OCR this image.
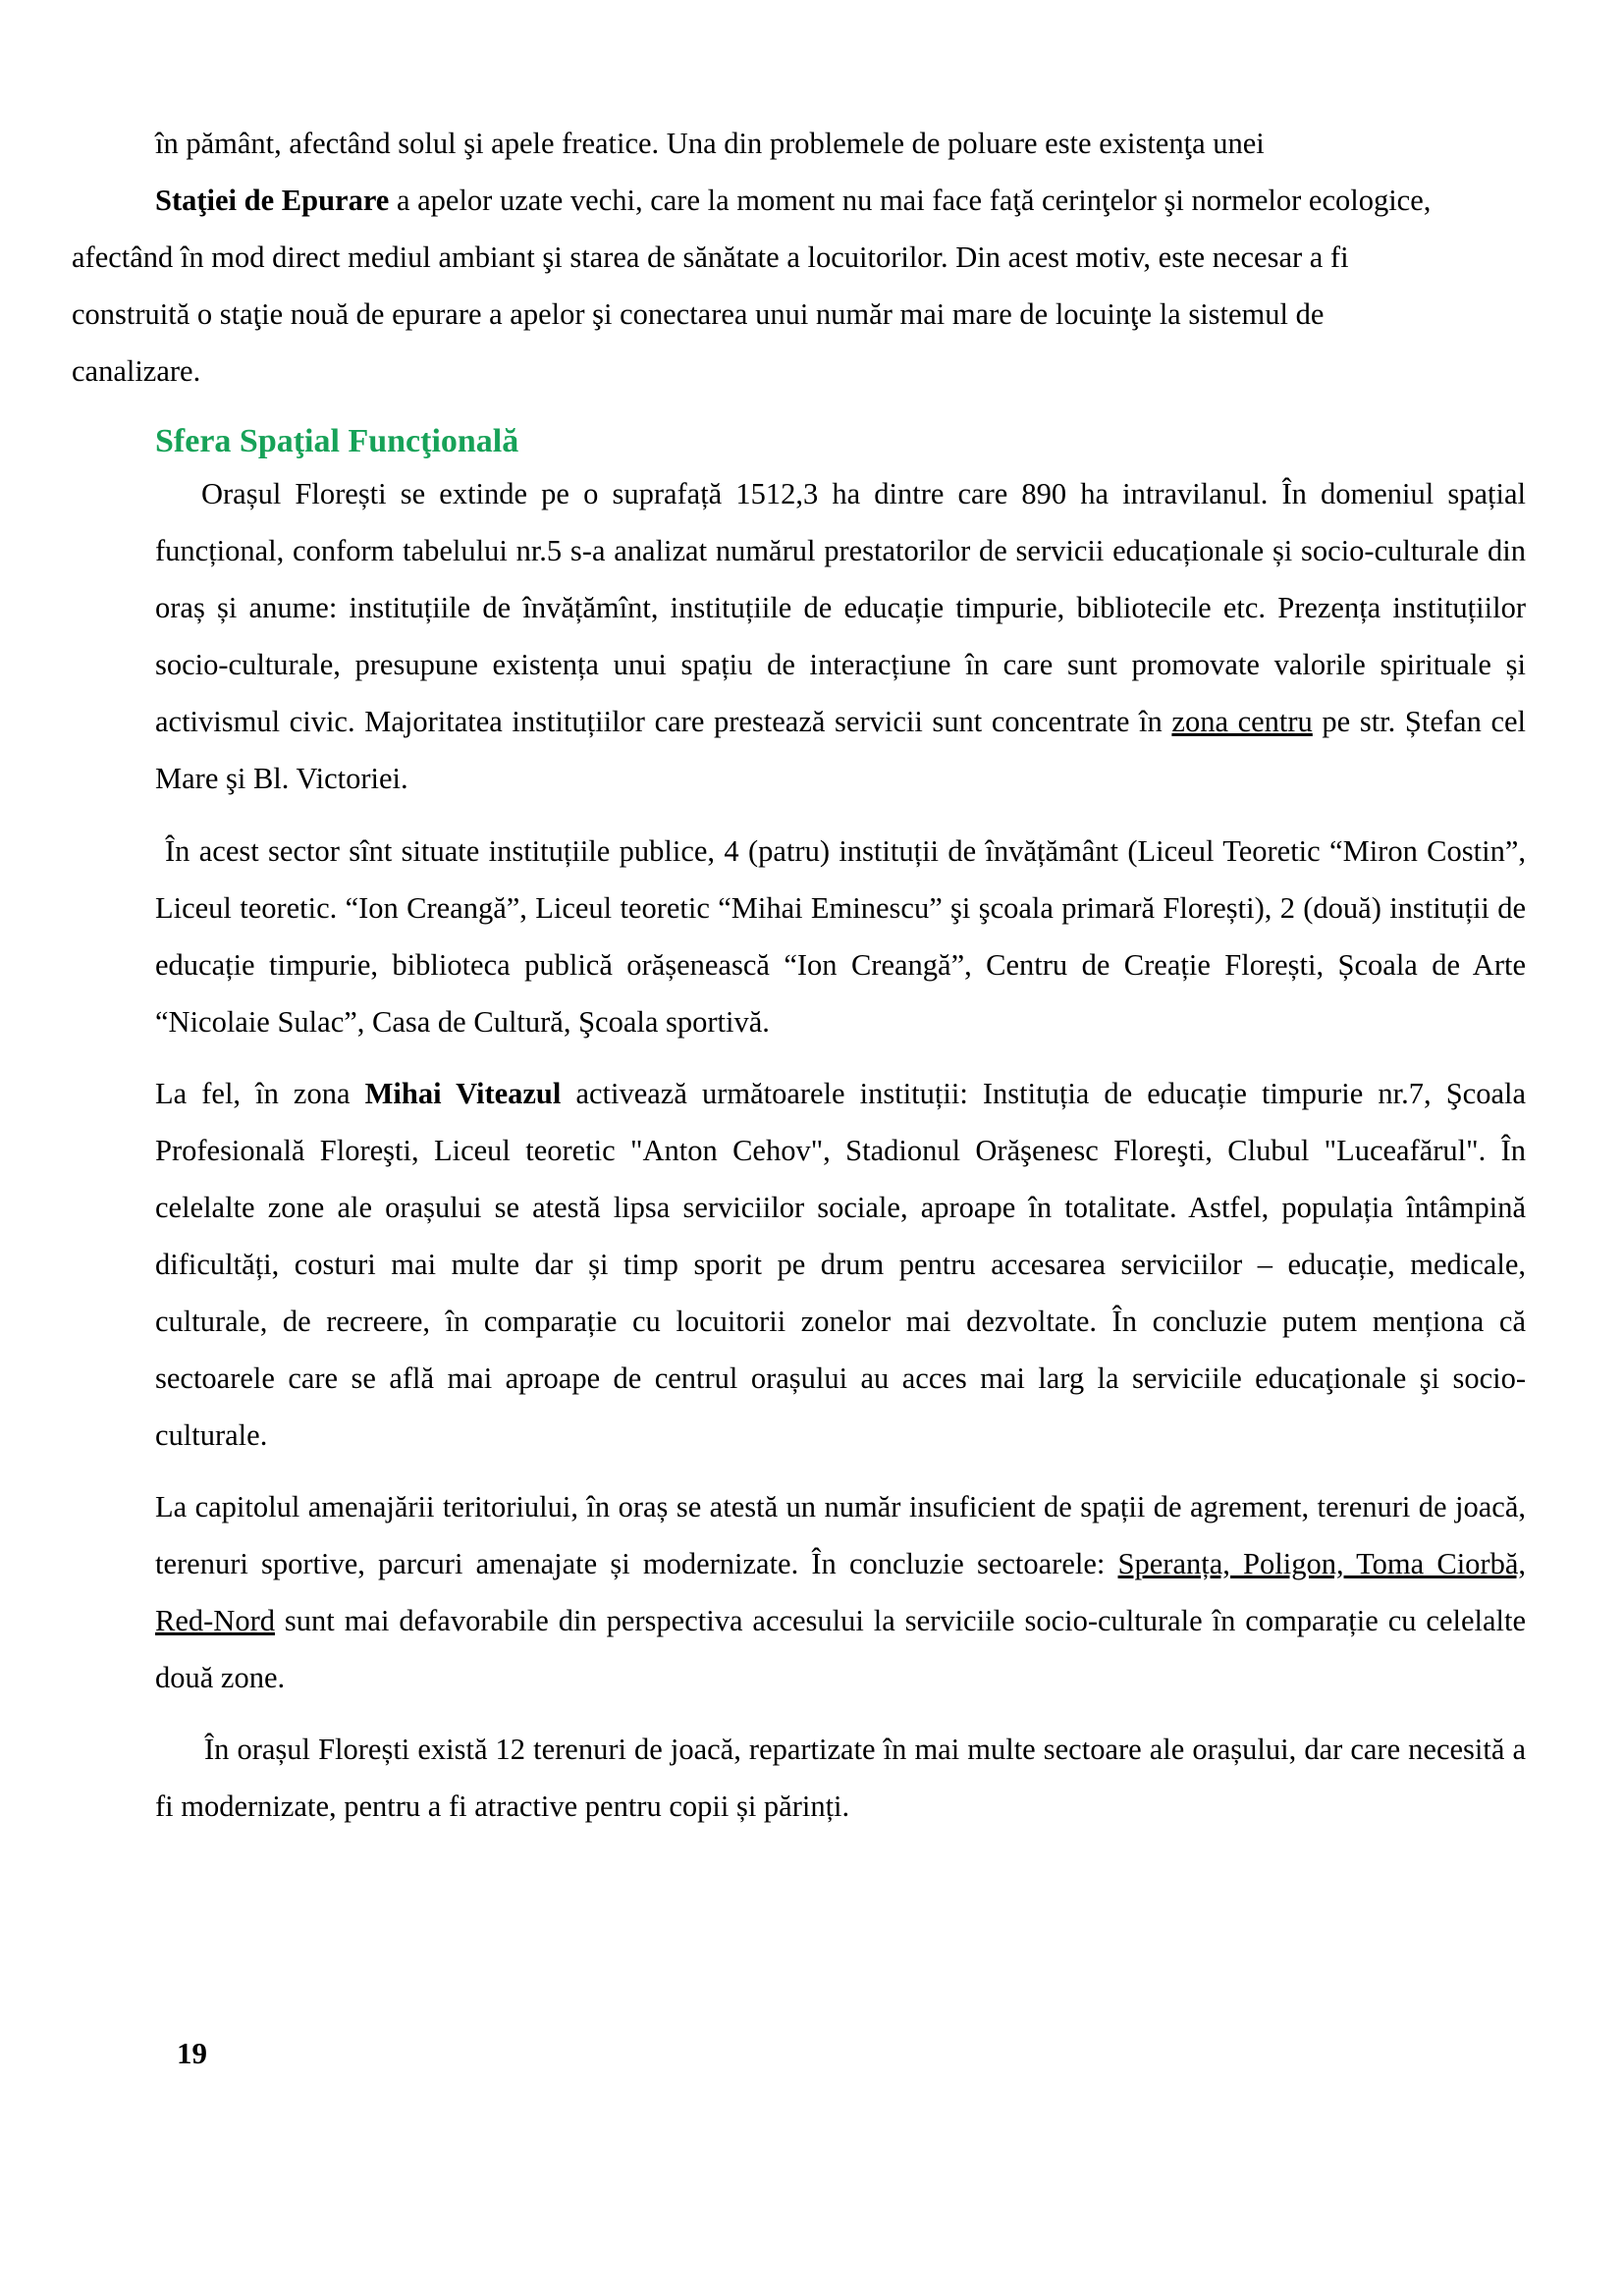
în pământ, afectând solul şi apele freatice. Una din problemele de poluare este existenţa unei
Staţiei de Epurare a apelor uzate vechi, care la moment nu mai face faţă cerinţelor şi normelor ecologice,
afectând în mod direct mediul ambiant şi starea de sănătate a locuitorilor. Din acest motiv, este necesar a fi
construită o staţie nouă de epurare a apelor şi conectarea unui număr mai mare de locuinţe la sistemul de
canalizare.
Sfera Spaţial Funcţională
Orașul Florești se extinde pe o suprafață 1512,3 ha dintre care 890 ha intravilanul. În domeniul spațial funcțional, conform tabelului nr.5 s-a analizat numărul prestatorilor de servicii educaționale și socio-culturale din oraș și anume: instituțiile de învățămînt, instituțiile de educație timpurie, bibliotecile etc. Prezența instituțiilor socio-culturale, presupune existența unui spațiu de interacțiune în care sunt promovate valorile spirituale și activismul civic. Majoritatea instituțiilor care prestează servicii sunt concentrate în zona centru pe str. Ștefan cel Mare şi Bl. Victoriei.
În acest sector sînt situate instituțiile publice, 4 (patru) instituții de învățământ (Liceul Teoretic “Miron Costin”, Liceul teoretic. “Ion Creangă”, Liceul teoretic “Mihai Eminescu” şi şcoala primară Florești), 2 (două) instituții de educație timpurie, biblioteca publică orășenească “Ion Creangă”, Centru de Creație Florești, Școala de Arte “Nicolaie Sulac”, Casa de Cultură, Şcoala sportivă.
La fel, în zona Mihai Viteazul activează următoarele instituții: Instituția de educație timpurie nr.7, Şcoala Profesională Floreşti, Liceul teoretic "Anton Cehov", Stadionul Orăşenesc Floreşti, Clubul "Luceafărul". În celelalte zone ale orașului se atestă lipsa serviciilor sociale, aproape în totalitate. Astfel, populația întâmpină dificultăți, costuri mai multe dar și timp sporit pe drum pentru accesarea serviciilor – educație, medicale, culturale, de recreere, în comparație cu locuitorii zonelor mai dezvoltate. În concluzie putem menționa că sectoarele care se află mai aproape de centrul orașului au acces mai larg la serviciile educaţionale şi socio-culturale.
La capitolul amenajării teritoriului, în oraș se atestă un număr insuficient de spații de agrement, terenuri de joacă, terenuri sportive, parcuri amenajate și modernizate. În concluzie sectoarele: Speranța, Poligon, Toma Ciorbă, Red-Nord sunt mai defavorabile din perspectiva accesului la serviciile socio-culturale în comparație cu celelalte două zone.
În orașul Florești există 12 terenuri de joacă, repartizate în mai multe sectoare ale orașului, dar care necesită a fi modernizate, pentru a fi atractive pentru copii și părinți.
19
